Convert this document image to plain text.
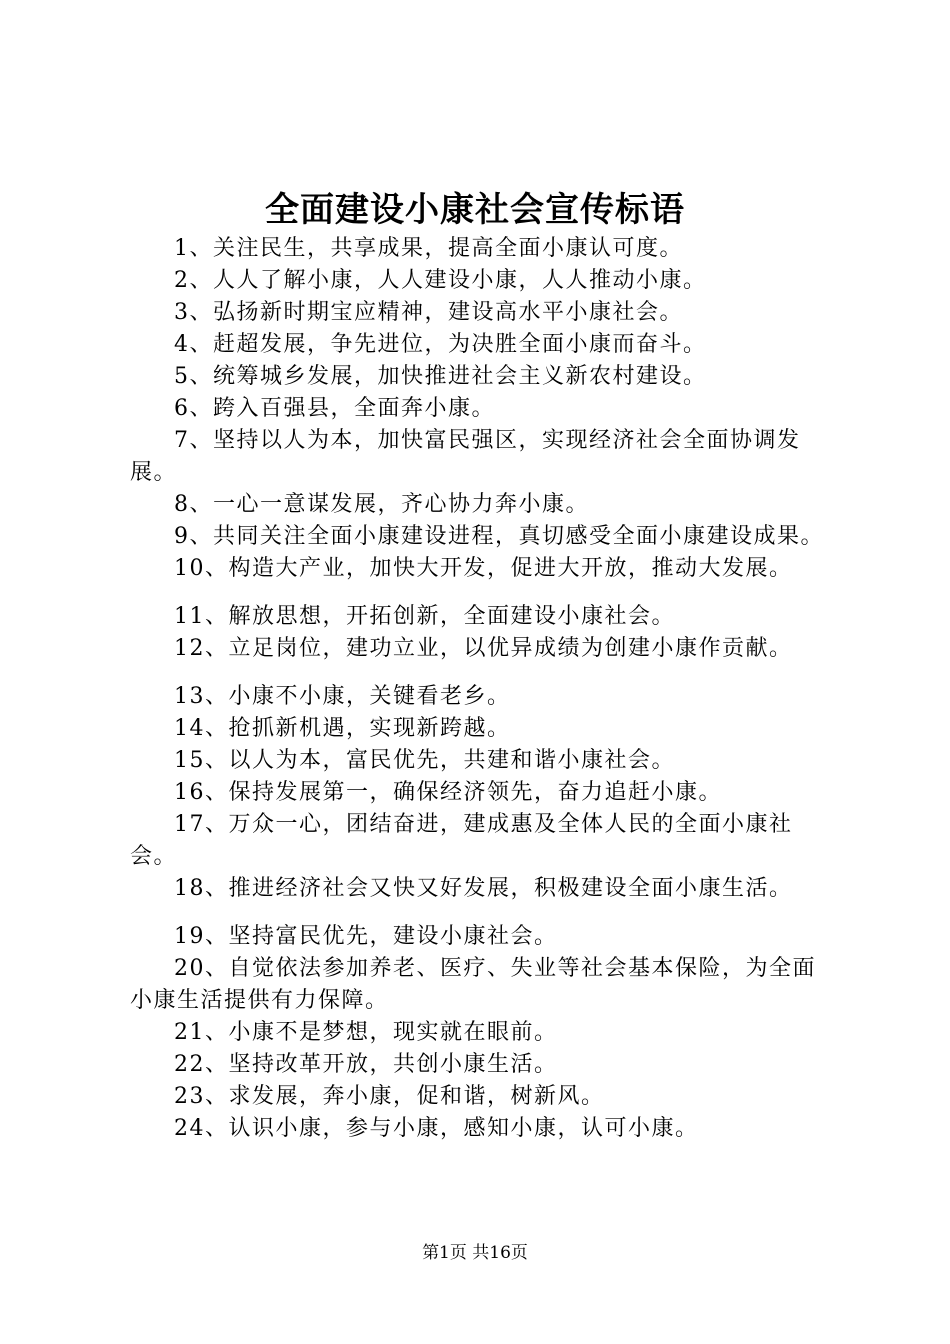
全面建设小康社会宣传标语

1、关注民生，共享成果，提高全面小康认可度。

2、人人了解小康，人人建设小康，人人推动小康。

3、弘扬新时期宝应精神，建设高水平小康社会。

4、赶超发展，争先进位，为决胜全面小康而奋斗。

5、统筹城乡发展，加快推进社会主义新农村建设。

6、跨入百强县，全面奔小康。

7、坚持以人为本，加快富民强区，实现经济社会全面协调发展。

8、一心一意谋发展，齐心协力奔小康。

9、共同关注全面小康建设进程，真切感受全面小康建设成果。

10、构造大产业，加快大开发，促进大开放，推动大发展。

11、解放思想，开拓创新，全面建设小康社会。

12、立足岗位，建功立业，以优异成绩为创建小康作贡献。

13、小康不小康，关键看老乡。

14、抢抓新机遇，实现新跨越。

15、以人为本，富民优先，共建和谐小康社会。

16、保持发展第一，确保经济领先，奋力追赶小康。

17、万众一心，团结奋进，建成惠及全体人民的全面小康社会。

18、推进经济社会又快又好发展，积极建设全面小康生活。

19、坚持富民优先，建设小康社会。

20、自觉依法参加养老、医疗、失业等社会基本保险，为全面小康生活提供有力保障。

21、小康不是梦想，现实就在眼前。

22、坚持改革开放，共创小康生活。

23、求发展，奔小康，促和谐，树新风。

24、认识小康，参与小康，感知小康，认可小康。

第1页 共16页
